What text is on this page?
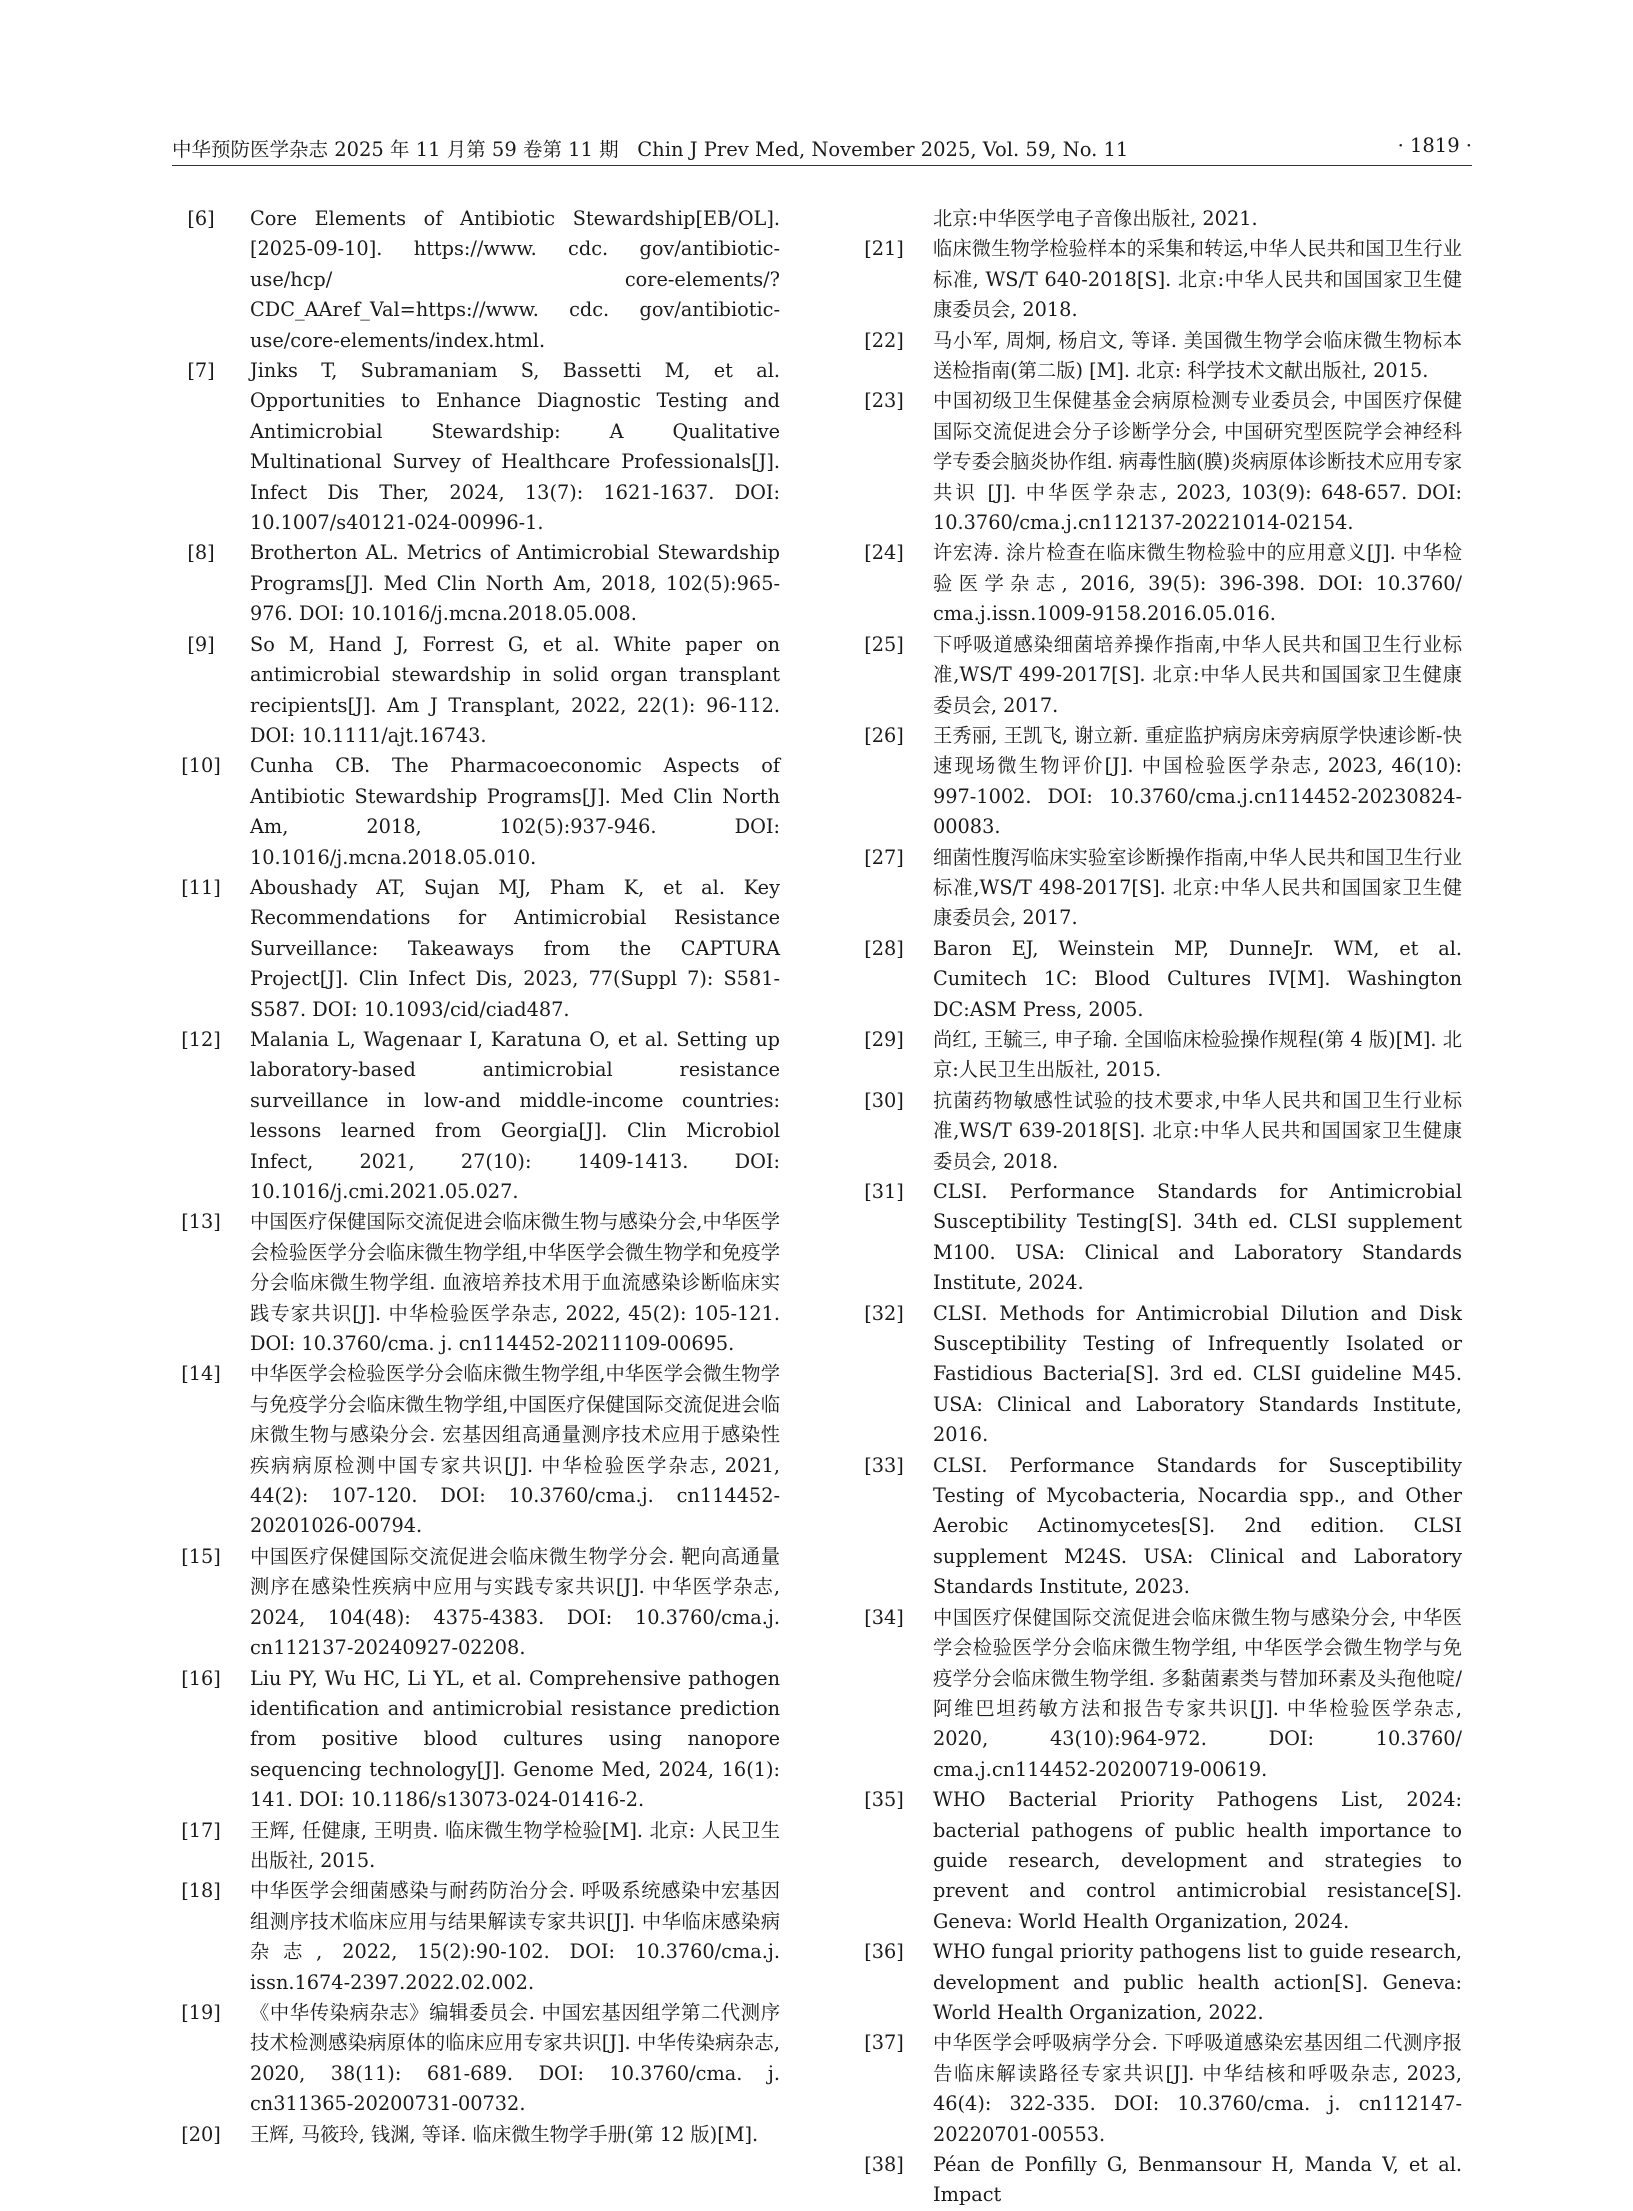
中华预防医学杂志 2025 年 11 月第 59 卷第 11 期 Chin J Prev Med, November 2025, Vol. 59, No. 11	· 1819 ·
[6]	Core Elements of Antibiotic Stewardship[EB/OL]. [2025-09-10]. https://www. cdc. gov/antibiotic-use/hcp/ core-elements/? CDC_AAref_Val=https://www. cdc. gov/antibiotic-use/core-elements/index.html.
[7]	Jinks T, Subramaniam S, Bassetti M, et al. Opportunities to Enhance Diagnostic Testing and Antimicrobial Stewardship: A Qualitative Multinational Survey of Healthcare Professionals[J]. Infect Dis Ther, 2024, 13(7): 1621-1637. DOI: 10.1007/s40121-024-00996-1.
[8]	Brotherton AL. Metrics of Antimicrobial Stewardship Programs[J]. Med Clin North Am, 2018, 102(5):965-976. DOI: 10.1016/j.mcna.2018.05.008.
[9]	So M, Hand J, Forrest G, et al. White paper on antimicrobial stewardship in solid organ transplant recipients[J]. Am J Transplant, 2022, 22(1): 96-112. DOI: 10.1111/ajt.16743.
[10] Cunha CB. The Pharmacoeconomic Aspects of Antibiotic Stewardship Programs[J]. Med Clin North Am, 2018, 102(5):937-946. DOI: 10.1016/j.mcna.2018.05.010.
[11] Aboushady AT, Sujan MJ, Pham K, et al. Key Recommendations for Antimicrobial Resistance Surveillance: Takeaways from the CAPTURA Project[J]. Clin Infect Dis, 2023, 77(Suppl 7): S581-S587. DOI: 10.1093/cid/ciad487.
[12] Malania L, Wagenaar I, Karatuna O, et al. Setting up laboratory-based antimicrobial resistance surveillance in low-and middle-income countries: lessons learned from Georgia[J]. Clin Microbiol Infect, 2021, 27(10): 1409-1413. DOI: 10.1016/j.cmi.2021.05.027.
[13] 中国医疗保健国际交流促进会临床微生物与感染分会,中华医学会检验医学分会临床微生物学组,中华医学会微生物学和免疫学分会临床微生物学组. 血液培养技术用于血流感染诊断临床实践专家共识[J]. 中华检验医学杂志, 2022, 45(2): 105-121. DOI: 10.3760/cma. j. cn114452-20211109-00695.
[14] 中华医学会检验医学分会临床微生物学组,中华医学会微生物学与免疫学分会临床微生物学组,中国医疗保健国际交流促进会临床微生物与感染分会. 宏基因组高通量测序技术应用于感染性疾病病原检测中国专家共识[J]. 中华检验医学杂志, 2021, 44(2): 107-120. DOI: 10.3760/cma.j. cn114452-20201026-00794.
[15] 中国医疗保健国际交流促进会临床微生物学分会. 靶向高通量测序在感染性疾病中应用与实践专家共识[J]. 中华医学杂志, 2024, 104(48): 4375-4383. DOI: 10.3760/cma.j. cn112137-20240927-02208.
[16] Liu PY, Wu HC, Li YL, et al. Comprehensive pathogen identification and antimicrobial resistance prediction from positive blood cultures using nanopore sequencing technology[J]. Genome Med, 2024, 16(1): 141. DOI: 10.1186/s13073-024-01416-2.
[17] 王辉, 任健康, 王明贵. 临床微生物学检验[M]. 北京: 人民卫生出版社, 2015.
[18] 中华医学会细菌感染与耐药防治分会. 呼吸系统感染中宏基因组测序技术临床应用与结果解读专家共识[J]. 中华临床感染病杂志, 2022, 15(2):90-102. DOI: 10.3760/cma.j. issn.1674-2397.2022.02.002.
[19] 《中华传染病杂志》编辑委员会. 中国宏基因组学第二代测序技术检测感染病原体的临床应用专家共识[J]. 中华传染病杂志, 2020, 38(11): 681-689. DOI: 10.3760/cma. j. cn311365-20200731-00732.
[20] 王辉, 马筱玲, 钱渊, 等译. 临床微生物学手册(第 12 版)[M].
北京:中华医学电子音像出版社, 2021.
[21] 临床微生物学检验样本的采集和转运,中华人民共和国卫生行业标准, WS/T 640-2018[S]. 北京:中华人民共和国国家卫生健康委员会, 2018.
[22] 马小军, 周炯, 杨启文, 等译. 美国微生物学会临床微生物标本送检指南(第二版) [M]. 北京: 科学技术文献出版社, 2015.
[23] 中国初级卫生保健基金会病原检测专业委员会, 中国医疗保健国际交流促进会分子诊断学分会, 中国研究型医院学会神经科学专委会脑炎协作组. 病毒性脑(膜)炎病原体诊断技术应用专家共识 [J]. 中华医学杂志, 2023, 103(9): 648-657. DOI: 10.3760/cma.j.cn112137-20221014-02154.
[24] 许宏涛. 涂片检查在临床微生物检验中的应用意义[J]. 中华检验医学杂志, 2016, 39(5): 396-398. DOI: 10.3760/ cma.j.issn.1009-9158.2016.05.016.
[25] 下呼吸道感染细菌培养操作指南,中华人民共和国卫生行业标准,WS/T 499-2017[S]. 北京:中华人民共和国国家卫生健康委员会, 2017.
[26] 王秀丽, 王凯飞, 谢立新. 重症监护病房床旁病原学快速诊断-快速现场微生物评价[J]. 中国检验医学杂志, 2023, 46(10): 997-1002. DOI: 10.3760/cma.j.cn114452-20230824-00083.
[27] 细菌性腹泻临床实验室诊断操作指南,中华人民共和国卫生行业标准,WS/T 498-2017[S]. 北京:中华人民共和国国家卫生健康委员会, 2017.
[28] Baron EJ, Weinstein MP, DunneJr. WM, et al. Cumitech 1C: Blood Cultures IV[M]. Washington DC:ASM Press, 2005.
[29] 尚红, 王毓三, 申子瑜. 全国临床检验操作规程(第 4 版)[M]. 北京:人民卫生出版社, 2015.
[30] 抗菌药物敏感性试验的技术要求,中华人民共和国卫生行业标准,WS/T 639-2018[S]. 北京:中华人民共和国国家卫生健康委员会, 2018.
[31] CLSI. Performance Standards for Antimicrobial Susceptibility Testing[S]. 34th ed. CLSI supplement M100. USA: Clinical and Laboratory Standards Institute, 2024.
[32] CLSI. Methods for Antimicrobial Dilution and Disk Susceptibility Testing of Infrequently Isolated or Fastidious Bacteria[S]. 3rd ed. CLSI guideline M45. USA: Clinical and Laboratory Standards Institute, 2016.
[33] CLSI. Performance Standards for Susceptibility Testing of Mycobacteria, Nocardia spp., and Other Aerobic Actinomycetes[S]. 2nd edition. CLSI supplement M24S. USA: Clinical and Laboratory Standards Institute, 2023.
[34] 中国医疗保健国际交流促进会临床微生物与感染分会, 中华医学会检验医学分会临床微生物学组, 中华医学会微生物学与免疫学分会临床微生物学组. 多黏菌素类与替加环素及头孢他啶/阿维巴坦药敏方法和报告专家共识[J]. 中华检验医学杂志, 2020, 43(10):964-972. DOI: 10.3760/ cma.j.cn114452-20200719-00619.
[35] WHO Bacterial Priority Pathogens List, 2024: bacterial pathogens of public health importance to guide research, development and strategies to prevent and control antimicrobial resistance[S]. Geneva: World Health Organization, 2024.
[36] WHO fungal priority pathogens list to guide research, development and public health action[S]. Geneva: World Health Organization, 2022.
[37] 中华医学会呼吸病学分会. 下呼吸道感染宏基因组二代测序报告临床解读路径专家共识[J]. 中华结核和呼吸杂志, 2023, 46(4): 322-335. DOI: 10.3760/cma. j. cn112147-20220701-00553.
[38] Péan de Ponfilly G, Benmansour H, Manda V, et al. Impact
